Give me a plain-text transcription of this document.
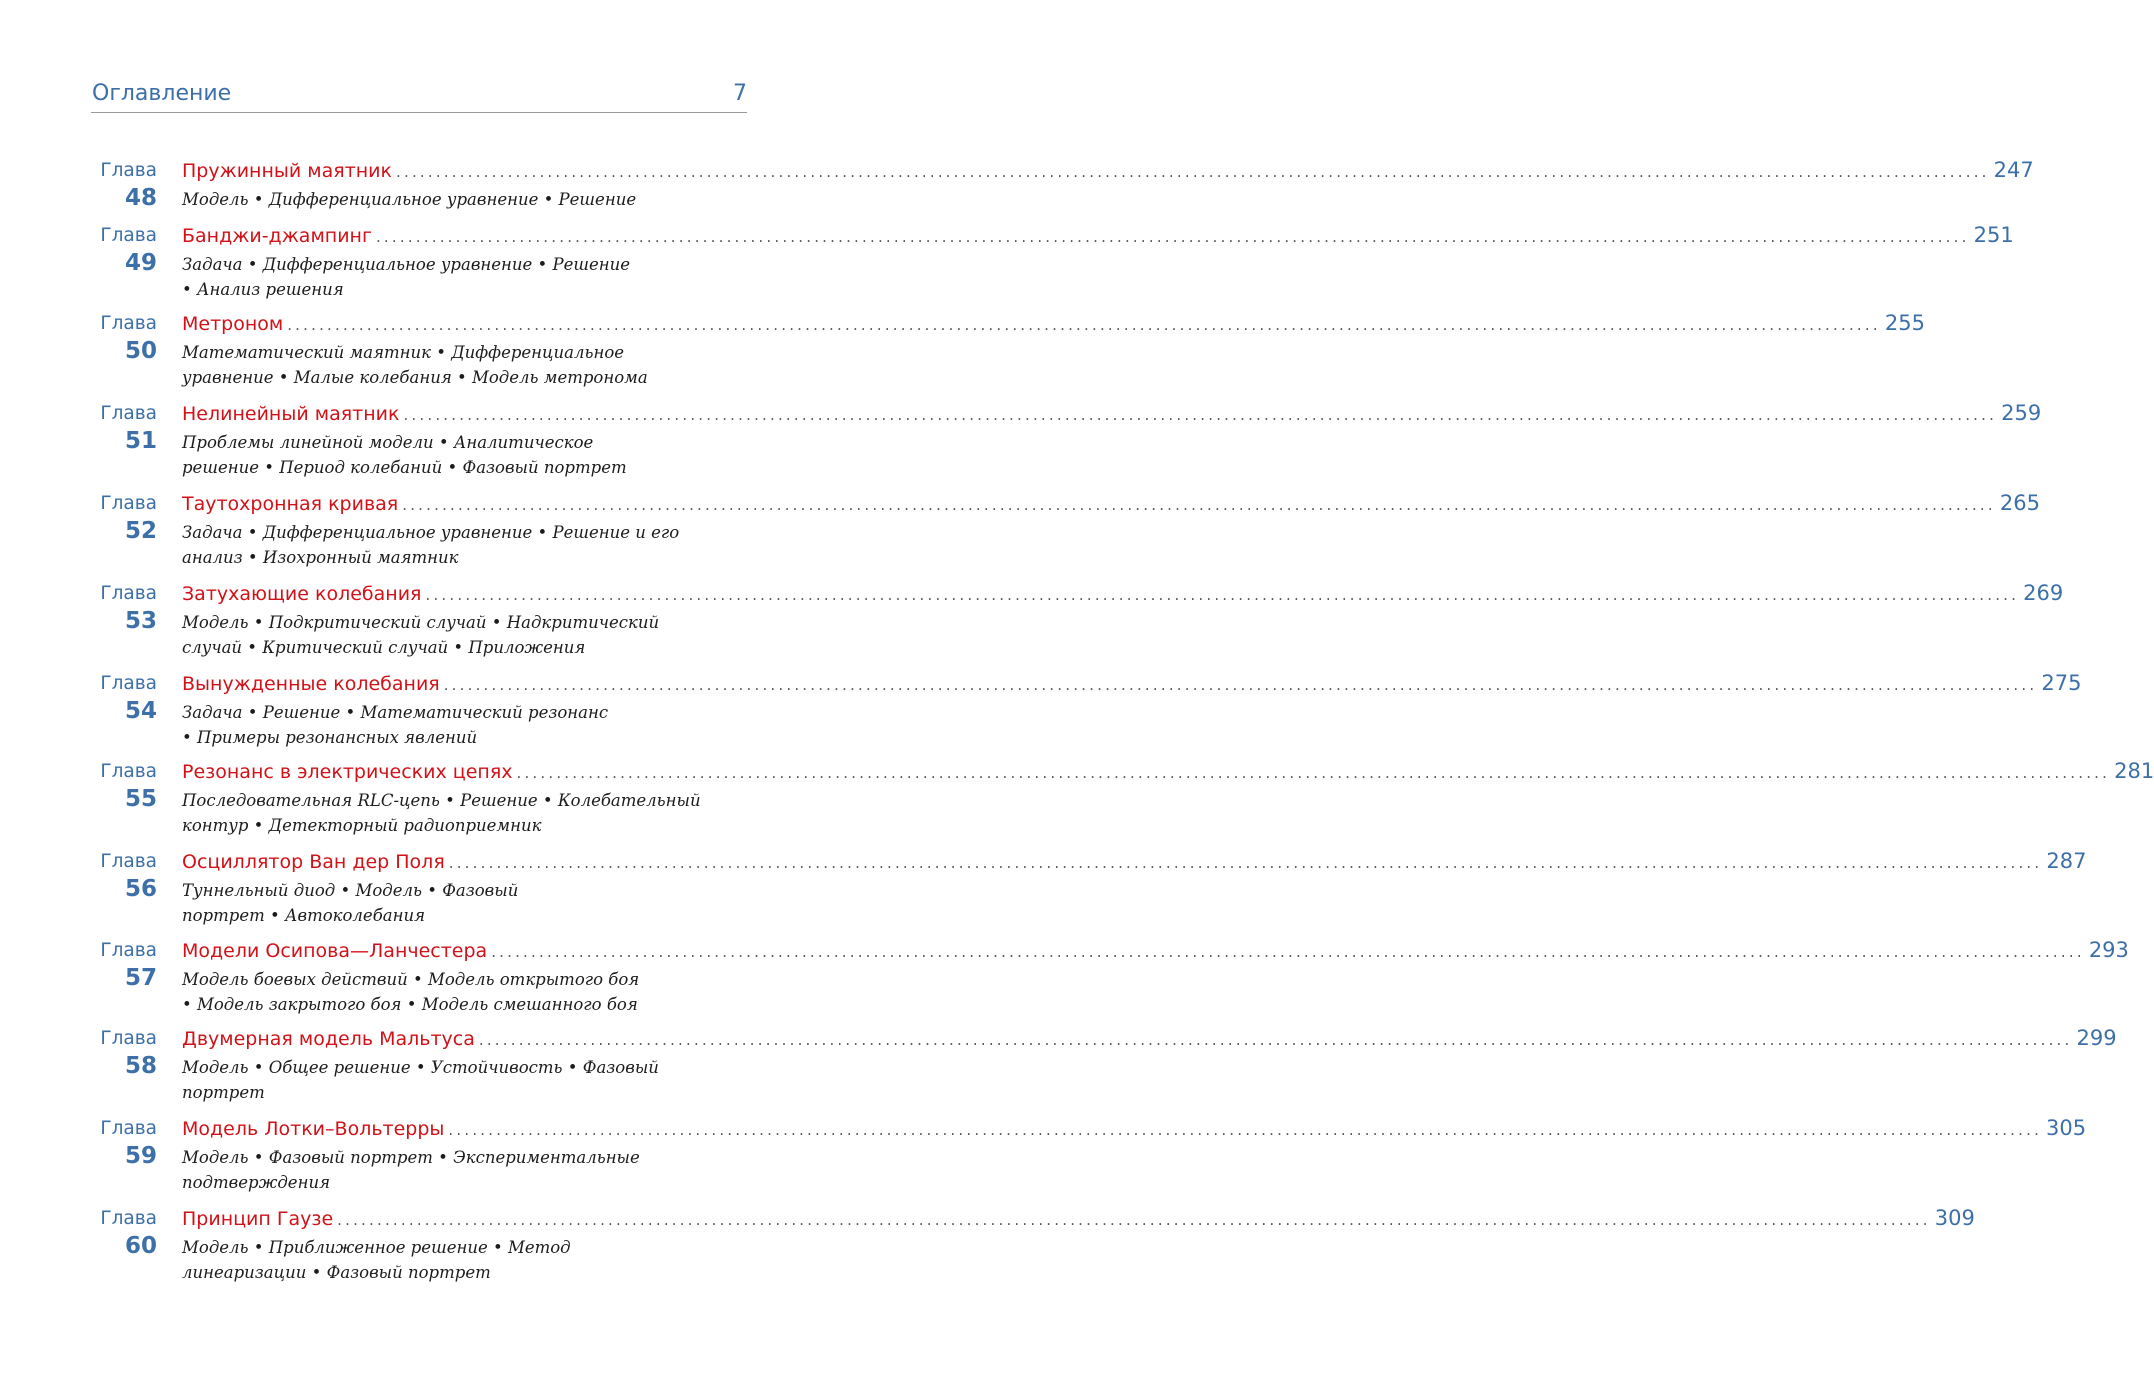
Оглавление	7
Глава
48
Пружинный маятник ........................................................................................................................................................................................................ 247
Модель • Дифференциальное уравнение • Решение
Глава
49
Банджи-джампинг ........................................................................................................................................................................................................ 251
Задача • Дифференциальное уравнение • Решение
• Анализ решения
Глава
50
Метроном ........................................................................................................................................................................................................ 255
Математический маятник • Дифференциальное
уравнение • Малые колебания • Модель метронома
Глава
51
Нелинейный маятник ........................................................................................................................................................................................................ 259
Проблемы линейной модели • Аналитическое
решение • Период колебаний • Фазовый портрет
Глава
52
Таутохронная кривая ........................................................................................................................................................................................................ 265
Задача • Дифференциальное уравнение • Решение и его
анализ • Изохронный маятник
Глава
53
Затухающие колебания ........................................................................................................................................................................................................ 269
Модель • Подкритический случай • Надкритический
случай • Критический случай • Приложения
Глава
54
Вынужденные колебания ........................................................................................................................................................................................................ 275
Задача • Решение • Математический резонанс
• Примеры резонансных явлений
Глава
55
Резонанс в электрических цепях ........................................................................................................................................................................................................ 281
Последовательная RLC-цепь • Решение • Колебательный
контур • Детекторный радиоприемник
Глава
56
Осциллятор Ван дер Поля ........................................................................................................................................................................................................ 287
Туннельный диод • Модель • Фазовый
портрет • Автоколебания
Глава
57
Модели Осипова—Ланчестера ........................................................................................................................................................................................................ 293
Модель боевых действий • Модель открытого боя
• Модель закрытого боя • Модель смешанного боя
Глава
58
Двумерная модель Мальтуса ........................................................................................................................................................................................................ 299
Модель • Общее решение • Устойчивость • Фазовый
портрет
Глава
59
Модель Лотки–Вольтерры ........................................................................................................................................................................................................ 305
Модель • Фазовый портрет • Экспериментальные
подтверждения
Глава
60
Принцип Гаузе ........................................................................................................................................................................................................ 309
Модель • Приближенное решение • Метод
линеаризации • Фазовый портрет
